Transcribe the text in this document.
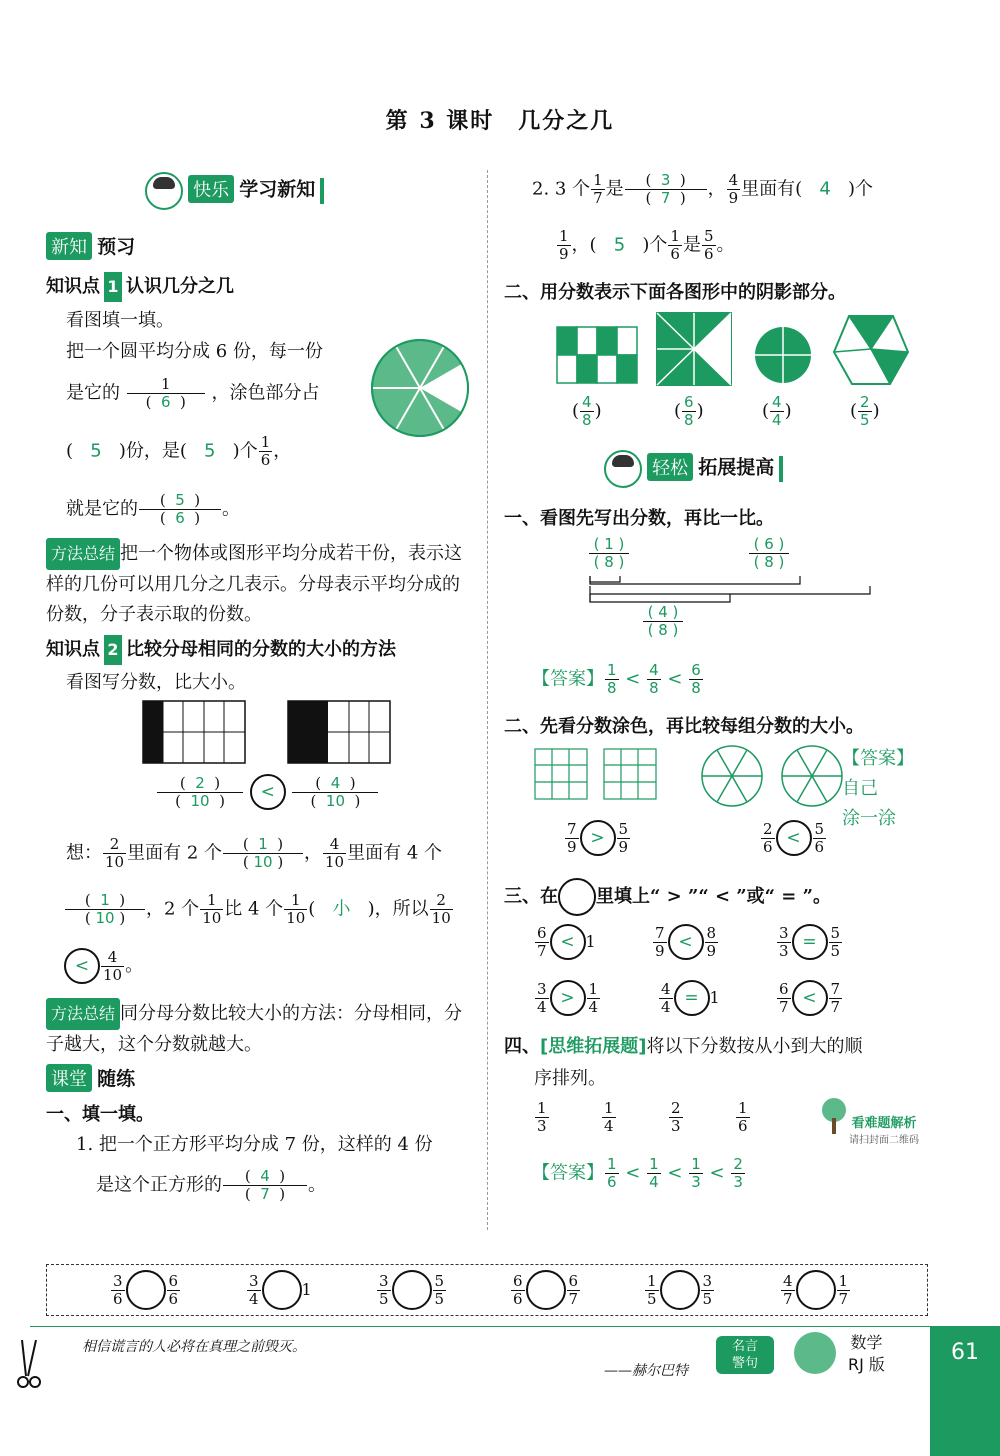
第 3 课时　几分之几
快乐 学习新知
新知 预习
知识点 1 认识几分之几
看图填一填。
把一个圆平均分成 6 份，每一份
是它的 $\frac{1}{( 6 )}$ ，涂色部分占
( 5 )份，是( 5 )个 $\frac{1}{6}$ ，
就是它的 $\frac{( 5 )}{( 6 )}$ 。
方法总结 把一个物体或图形平均分成若干份，表示这样的几份可以用几分之几表示。分母表示平均分成的份数，分子表示取的份数。
知识点 2 比较分母相同的分数的大小的方法
看图写分数，比大小。
$\frac{( 2 )}{( 10 )} < \frac{( 4 )}{( 10 )}$
想： $\frac{2}{10}$ 里面有 2 个 $\frac{( 1 )}{( 10 )}$ ， $\frac{4}{10}$ 里面有 4 个
$\frac{( 1 )}{( 10 )}$ ，2 个 $\frac{1}{10}$ 比 4 个 $\frac{1}{10}$ (   小   )，所以 $\frac{2}{10}$
< $\frac{4}{10}$ 。
方法总结 同分母分数比较大小的方法：分母相同，分子越大，这个分数就越大。
课堂 随练
一、填一填。
1. 把一个正方形平均分成 7 份，这样的 4 份
是这个正方形的 $\frac{( 4 )}{( 7 )}$ 。
2. 3 个 $\frac{1}{7}$ 是 $\frac{( 3 )}{( 7 )}$ ， $\frac{4}{9}$ 里面有( 4 )个
$\frac{1}{9}$ ，( 5 )个 $\frac{1}{6}$ 是 $\frac{5}{6}$ 。
二、用分数表示下面各图形中的阴影部分。
( $\frac{4}{8}$ )	( $\frac{6}{8}$ )	( $\frac{4}{4}$ )	( $\frac{2}{5}$ )
轻松 拓展提高
一、看图先写出分数，再比一比。
$\frac{( 1 )}{( 8 )}$	$\frac{( 6 )}{( 8 )}$
$\frac{( 4 )}{( 8 )}$
【答案】 $\frac{1}{8} < \frac{4}{8} < \frac{6}{8}$
二、先看分数涂色，再比较每组分数的大小。
【答案】
自己
涂一涂
$\frac{7}{9} > \frac{5}{9}$	$\frac{2}{6} < \frac{5}{6}$
三、在 里填上“ > ”“ < ”或“ = ”。
$\frac{6}{7} < 1$	$\frac{7}{9} < \frac{8}{9}$	$\frac{3}{3} = \frac{5}{5}$
$\frac{3}{4} > \frac{1}{4}$	$\frac{4}{4} = 1$	$\frac{6}{7} < \frac{7}{7}$
四、[思维拓展题]将以下分数按从小到大的顺
序排列。
$\frac{1}{3}$
	$\frac{1}{4}$
	$\frac{2}{3}$
	$\frac{1}{6}$	看难题解析
请扫封面二维码
【答案】 $\frac{1}{6} < \frac{1}{4} < \frac{1}{3} < \frac{2}{3}$
$\frac{3}{6}$	$\frac{6}{6}$	$\frac{3}{4}$	1	$\frac{3}{5}$	$\frac{5}{5}$	$\frac{6}{6}$	$\frac{6}{7}$	$\frac{1}{5}$	$\frac{3}{5}$	$\frac{4}{7}$	$\frac{1}{7}$
相信谎言的人必将在真理之前毁灭。
——赫尔巴特
名言
警句
数学
RJ 版	61
